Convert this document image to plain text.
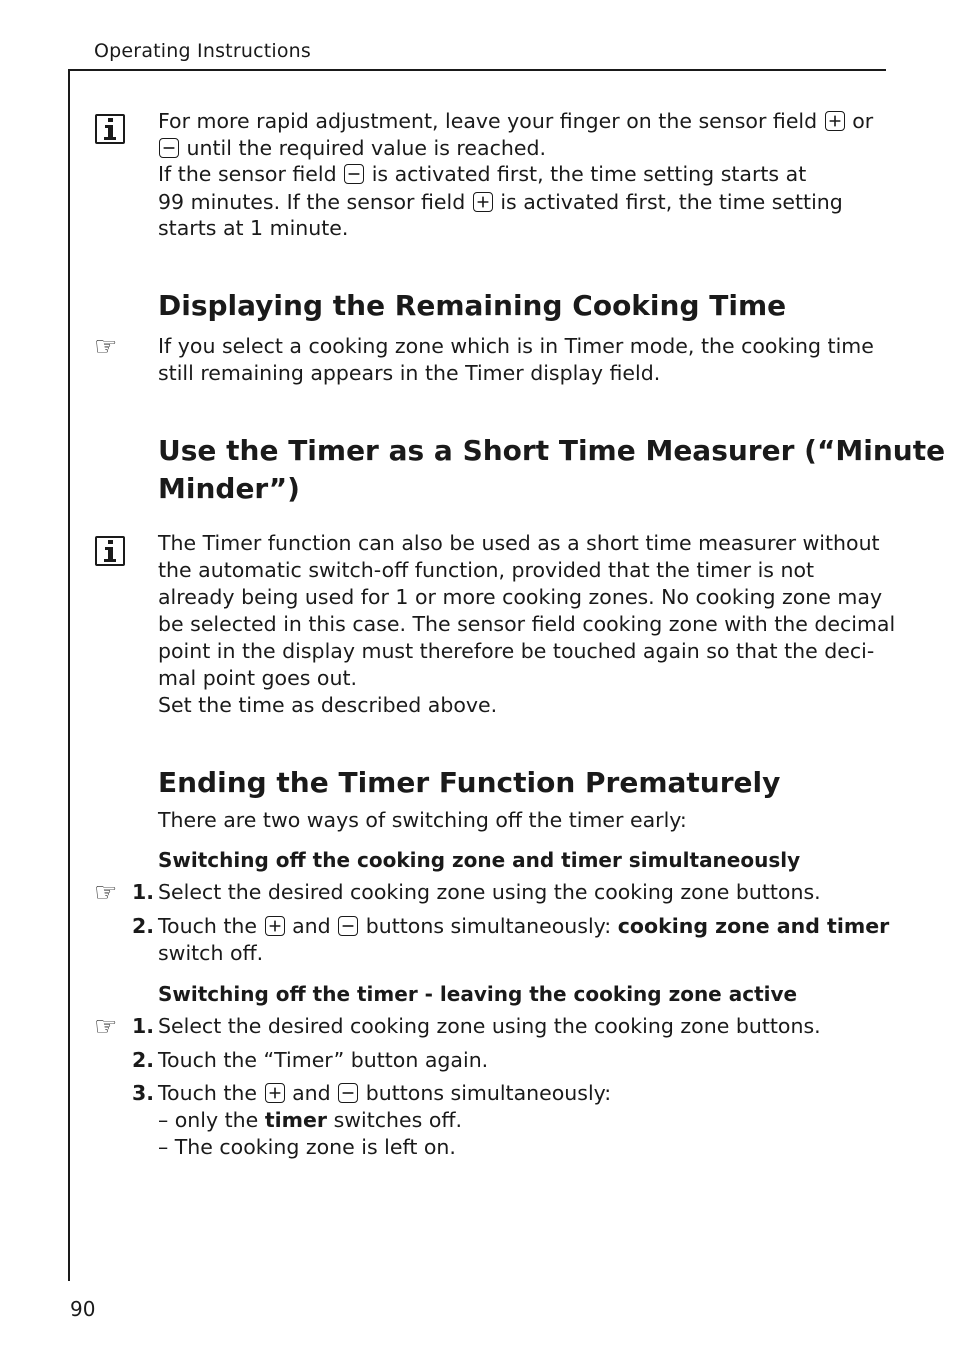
Operating Instructions
For more rapid adjustment, leave your finger on the sensor field or
until the required value is reached.
If the sensor field is activated first, the time setting starts at
99 minutes. If the sensor field is activated first, the time setting
starts at 1 minute.
Displaying the Remaining Cooking Time
☞ If you select a cooking zone which is in Timer mode, the cooking time
still remaining appears in the Timer display field.
Use the Timer as a Short Time Measurer (“Minute
Minder”)
The Timer function can also be used as a short time measurer without
the automatic switch-off function, provided that the timer is not
already being used for 1 or more cooking zones. No cooking zone may
be selected in this case. The sensor field cooking zone with the decimal
point in the display must therefore be touched again so that the deci-
mal point goes out.
Set the time as described above.
Ending the Timer Function Prematurely
There are two ways of switching off the timer early:
Switching off the cooking zone and timer simultaneously
☞ 1. Select the desired cooking zone using the cooking zone buttons.
2. Touch the and buttons simultaneously: cooking zone and timer
switch off.
Switching off the timer - leaving the cooking zone active
☞ 1. Select the desired cooking zone using the cooking zone buttons.
2. Touch the “Timer” button again.
3. Touch the and buttons simultaneously:
– only the timer switches off.
– The cooking zone is left on.
90
